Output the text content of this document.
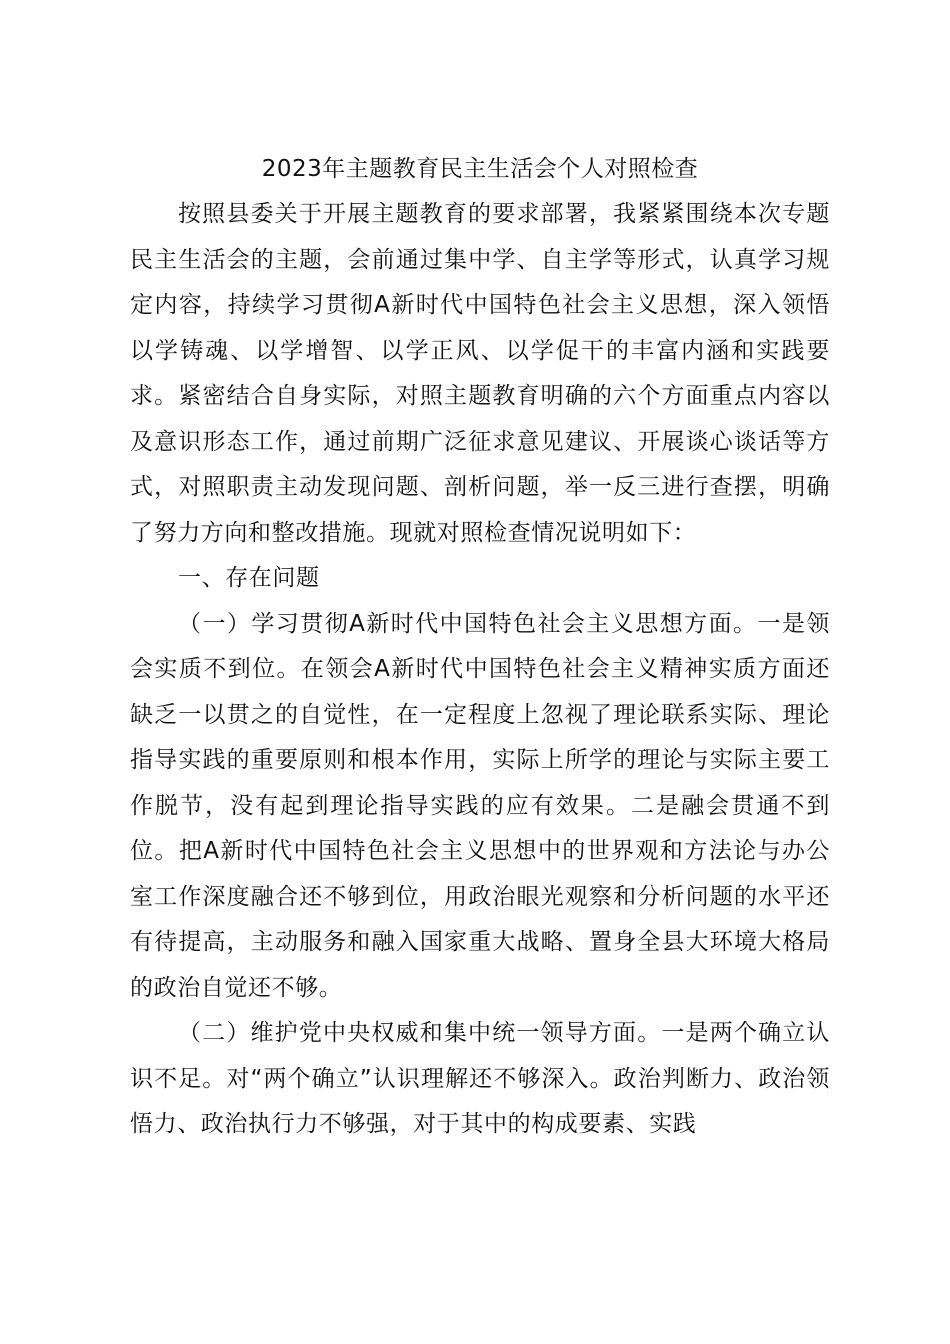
2023年主题教育民主生活会个人对照检查

按照县委关于开展主题教育的要求部署，我紧紧围绕本次专题民主生活会的主题，会前通过集中学、自主学等形式，认真学习规定内容，持续学习贯彻A新时代中国特色社会主义思想，深入领悟以学铸魂、以学增智、以学正风、以学促干的丰富内涵和实践要求。紧密结合自身实际，对照主题教育明确的六个方面重点内容以及意识形态工作，通过前期广泛征求意见建议、开展谈心谈话等方式，对照职责主动发现问题、剖析问题，举一反三进行查摆，明确了努力方向和整改措施。现就对照检查情况说明如下：

一、存在问题

（一）学习贯彻A新时代中国特色社会主义思想方面。一是领会实质不到位。在领会A新时代中国特色社会主义精神实质方面还缺乏一以贯之的自觉性，在一定程度上忽视了理论联系实际、理论指导实践的重要原则和根本作用，实际上所学的理论与实际主要工作脱节，没有起到理论指导实践的应有效果。二是融会贯通不到位。把A新时代中国特色社会主义思想中的世界观和方法论与办公室工作深度融合还不够到位，用政治眼光观察和分析问题的水平还有待提高，主动服务和融入国家重大战略、置身全县大环境大格局的政治自觉还不够。

（二）维护党中央权威和集中统一领导方面。一是两个确立认识不足。对“两个确立”认识理解还不够深入。政治判断力、政治领悟力、政治执行力不够强，对于其中的构成要素、实践
